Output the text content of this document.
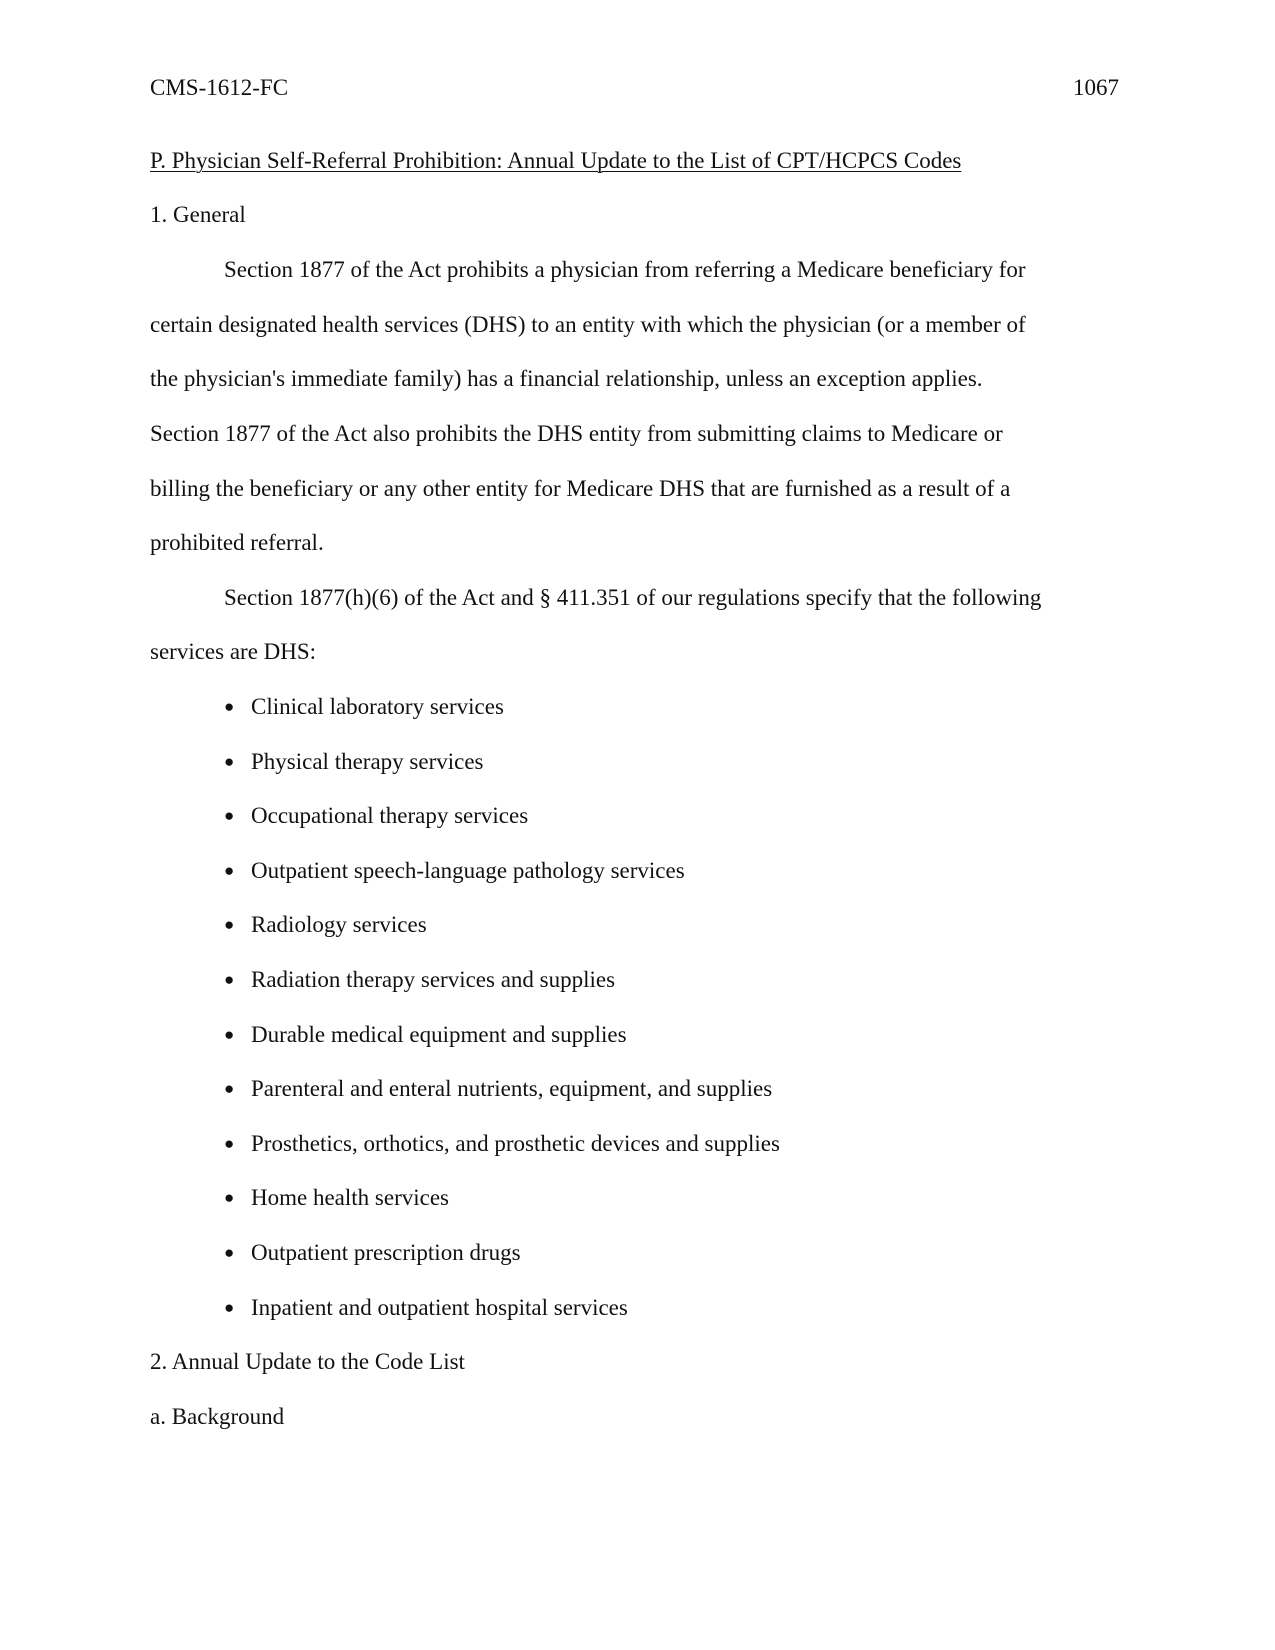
CMS-1612-FC	1067
P. Physician Self-Referral Prohibition: Annual Update to the List of CPT/HCPCS Codes
1. General
Section 1877 of the Act prohibits a physician from referring a Medicare beneficiary for
certain designated health services (DHS) to an entity with which the physician (or a member of
the physician's immediate family) has a financial relationship, unless an exception applies.
Section 1877 of the Act also prohibits the DHS entity from submitting claims to Medicare or
billing the beneficiary or any other entity for Medicare DHS that are furnished as a result of a
prohibited referral.
Section 1877(h)(6) of the Act and § 411.351 of our regulations specify that the following
services are DHS:
● Clinical laboratory services
● Physical therapy services
● Occupational therapy services
● Outpatient speech-language pathology services
● Radiology services
● Radiation therapy services and supplies
● Durable medical equipment and supplies
● Parenteral and enteral nutrients, equipment, and supplies
● Prosthetics, orthotics, and prosthetic devices and supplies
● Home health services
● Outpatient prescription drugs
● Inpatient and outpatient hospital services
2. Annual Update to the Code List
a. Background
